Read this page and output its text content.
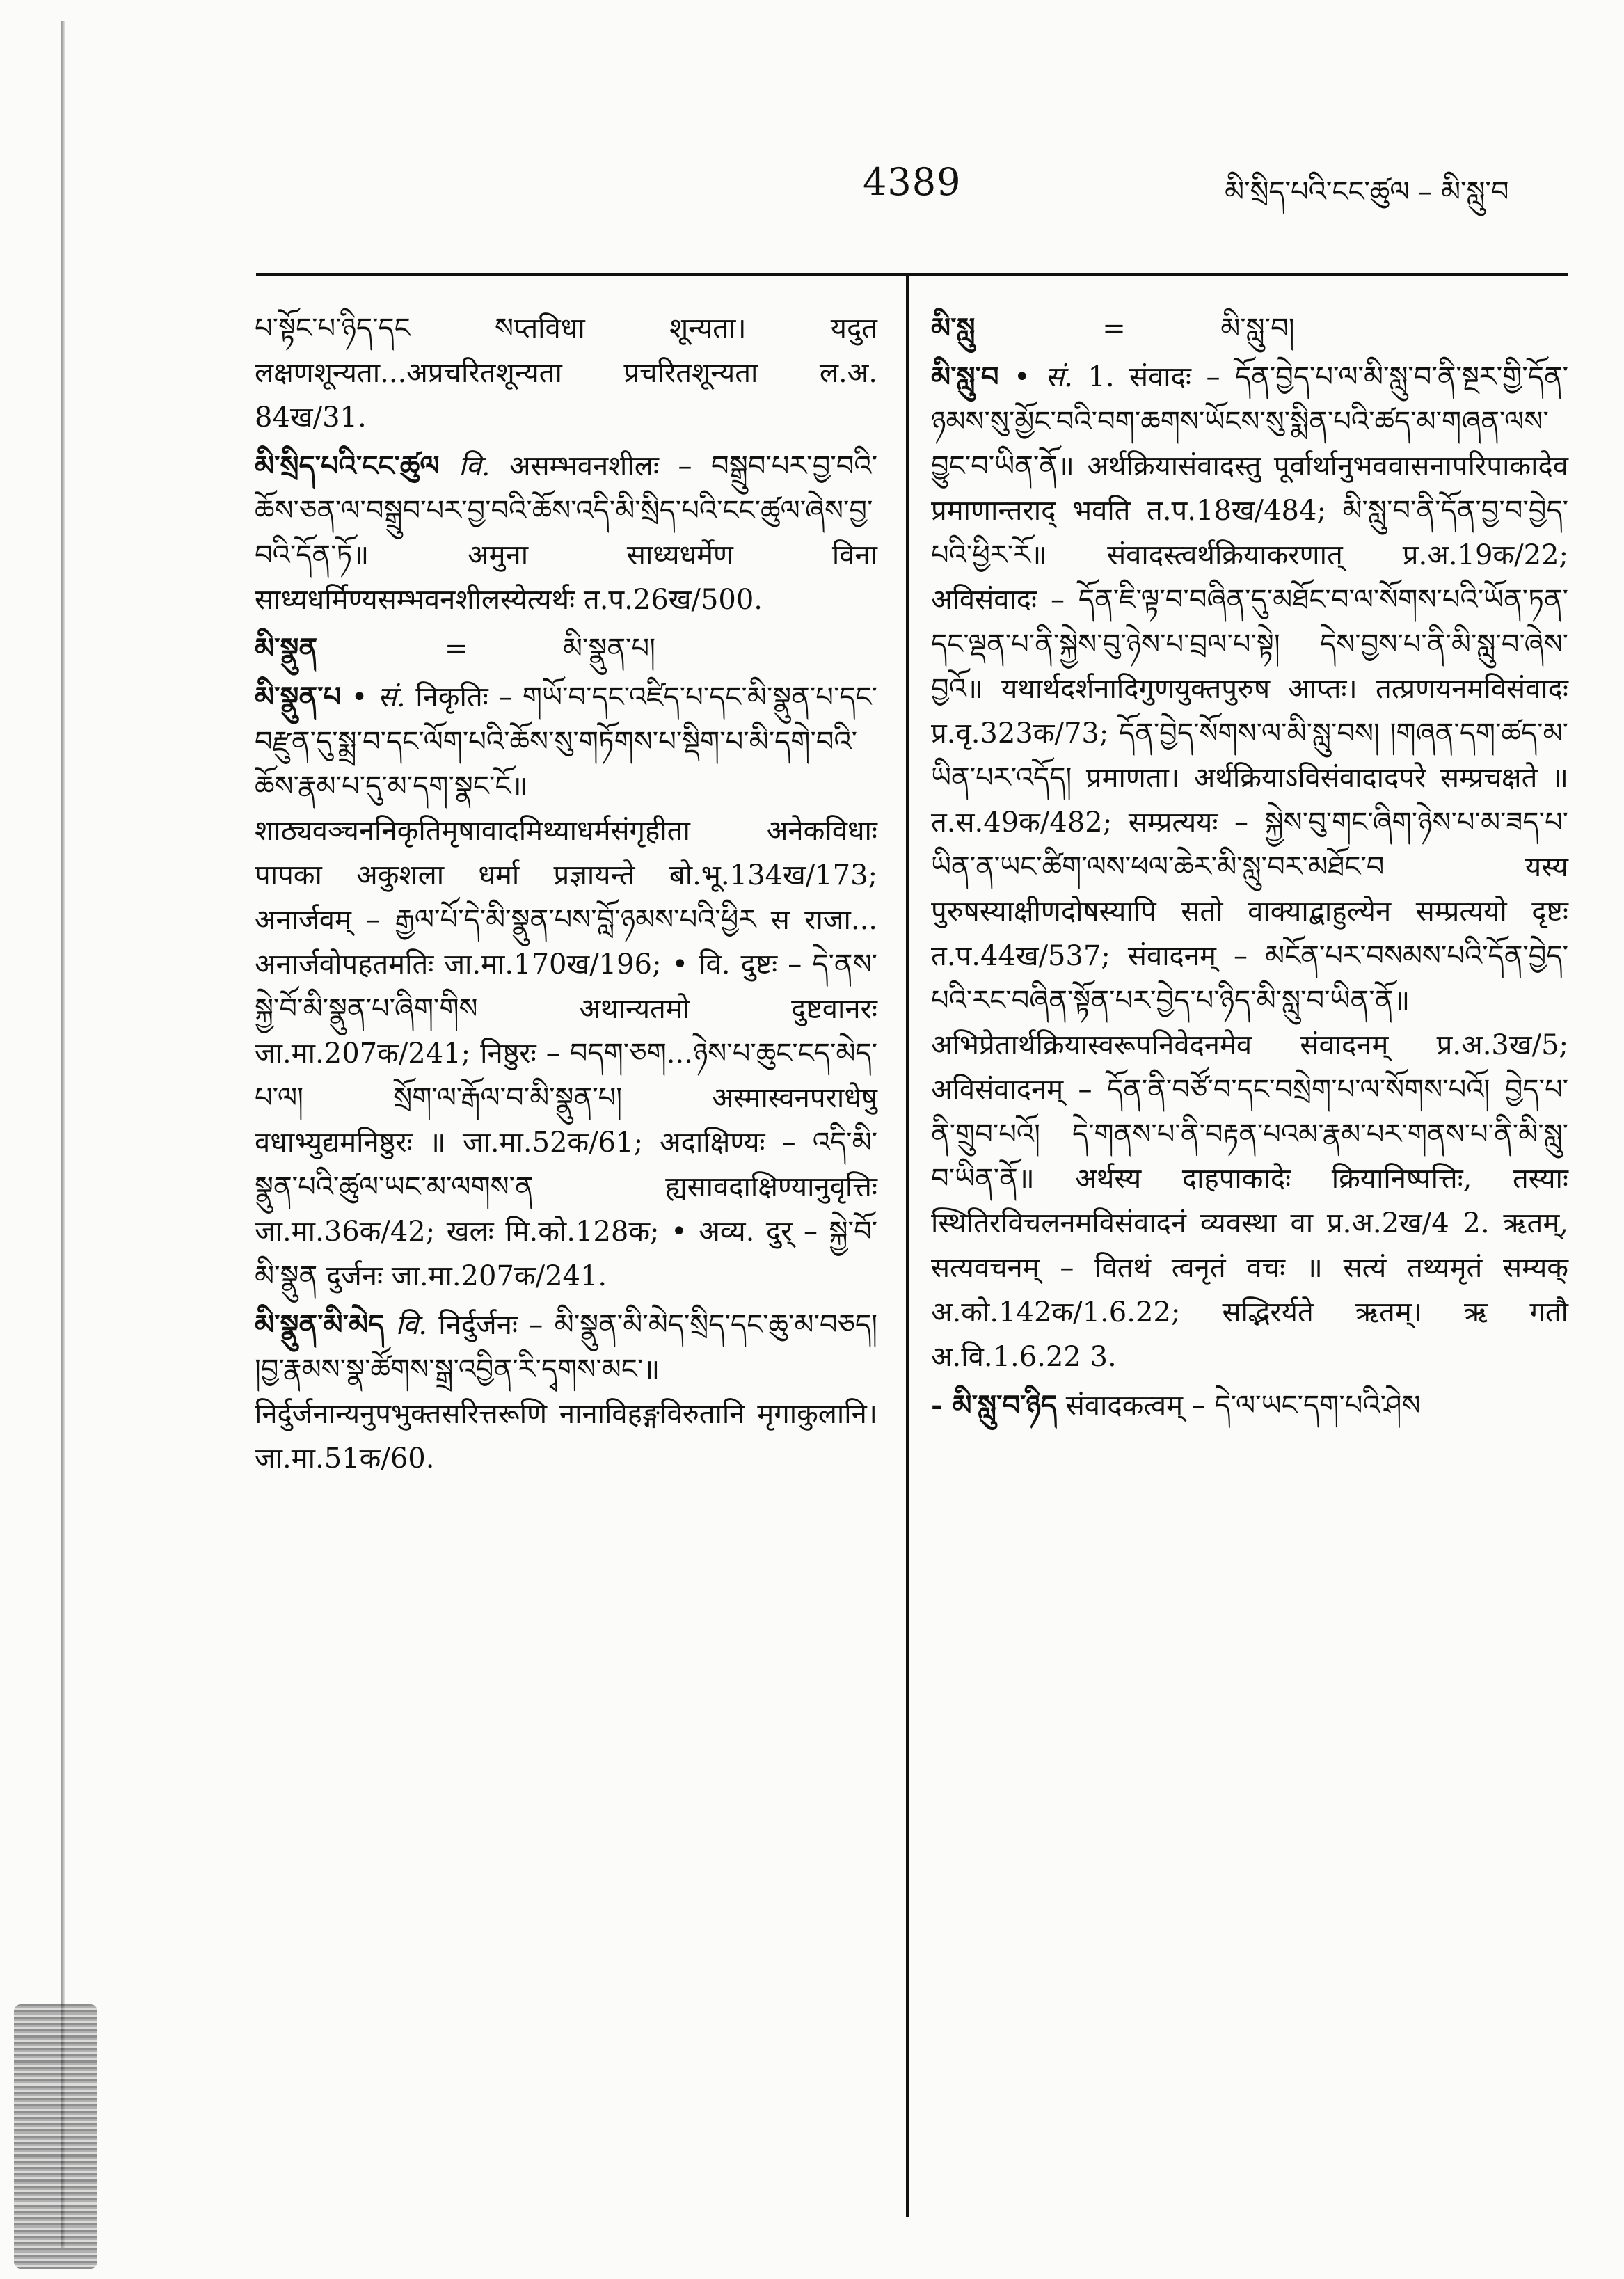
4389	མི་སྲིད་པའི་ངང་ཚུལ – མི་སླུ་བ

པ་སྟོང་པ་ཉིད་དང སप्तविधा शून्यता। यदुत लक्षणशून्यता...अप्रचरितशून्यता प्रचरितशून्यता ल.अ. 84ख/31.

མི་སྲིད་པའི་ངང་ཚུལ वि. असम्भवनशीलः – བསྒྲུབ་པར་བྱ་བའི་ཆོས་ཅན་ལ་བསྒྲུབ་པར་བྱ་བའི་ཆོས་འདི་མི་སྲིད་པའི་ངང་ཚུལ་ཞེས་བྱ་བའི་དོན་ཏོ॥ अमुना साध्यधर्मेण विना साध्यधर्मिण्यसम्भवनशीलस्येत्यर्थः त.प.26ख/500.

མི་སྣུན	=	མི་སྣུན་པ།

མི་སྣུན་པ • सं. निकृतिः – གཡོ་བ་དང་འཛིད་པ་དང་མི་སྣུན་པ་དང་བརྫུན་དུ་སྨྲ་བ་དང་ལོག་པའི་ཆོས་སུ་གཏོགས་པ་སྡིག་པ་མི་དགེ་བའི་ཆོས་རྣམ་པ་དུ་མ་དག་སྣང་ངོ॥ शाठ्यवञ्चननिकृतिमृषावादमिथ्याधर्मसंगृहीता अनेकविधाः पापका अकुशला धर्मा प्रज्ञायन्ते बो.भू.134ख/173; अनार्जवम् – རྒྱལ་པོ་དེ་མི་སྣུན་པས་བློ་ཉམས་པའི་ཕྱིར स राजा... अनार्जवोपहतमतिः जा.मा.170ख/196; • वि. दुष्टः – དེ་ནས་སྐྱེ་བོ་མི་སྣུན་པ་ཞིག་གིས अथान्यतमो दुष्टवानरः जा.मा.207क/241; निष्ठुरः – བདག་ཅག...ཉེས་པ་ཆུང་ངད་མེད་པ་ལ། སྲོག་ལ་རྒོལ་བ་མི་སྣུན་པ། अस्मास्वनपराधेषु वधाभ्युद्यमनिष्ठुरः ॥ जा.मा.52क/61; अदाक्षिण्यः – འདི་མི་སྣུན་པའི་ཚུལ་ཡང་མ་ལགས་ན ह्यसावदाक्षिण्यानुवृत्तिः जा.मा.36क/42; खलः मि.को.128क; • अव्य. दुर् – སྐྱེ་བོ་མི་སྣུན दुर्जनः जा.मा.207क/241.

མི་སྣུན་མི་མེད वि. निर्दुर्जनः – མི་སྣུན་མི་མེད་སྲིད་དང་ཆུ་མ་བཅད། །བྱ་རྣམས་སྣ་ཚོགས་སྒྲ་འབྱིན་རི་དྭགས་མང་॥ निर्दुर्जनान्यनुपभुक्तसरित्तरूणि नानाविहङ्गविरुतानि मृगाकुलानि। जा.मा.51क/60.

མི་སླུ	=	མི་སླུ་བ།

མི་སླུ་བ • सं. 1. संवादः – དོན་བྱེད་པ་ལ་མི་སླུ་བ་ནི་སྔར་གྱི་དོན་ཉམས་སུ་མྱོང་བའི་བག་ཆགས་ཡོངས་སུ་སྨིན་པའི་ཚད་མ་གཞན་ལས་བྱུང་བ་ཡིན་ནོ॥ अर्थक्रियासंवादस्तु पूर्वार्थानुभववासनापरिपाकादेव प्रमाणान्तराद् भवति त.प.18ख/484; མི་སླུ་བ་ནི་དོན་བྱ་བ་བྱེད་པའི་ཕྱིར་རོ॥ संवादस्त्वर्थक्रियाकरणात् प्र.अ.19क/22; अविसंवादः – དོན་ཇི་ལྟ་བ་བཞིན་དུ་མཐོང་བ་ལ་སོགས་པའི་ཡོན་ཏན་དང་ལྡན་པ་ནི་སྐྱེས་བུ་ཉེས་པ་བྲལ་པ་སྟེ། དེས་བྱས་པ་ནི་མི་སླུ་བ་ཞེས་བྱའོ॥ यथार्थदर्शनादिगुणयुक्तपुरुष आप्तः। तत्प्रणयनमविसंवादः प्र.वृ.323क/73; དོན་བྱེད་སོགས་ལ་མི་སླུ་བས། །གཞན་དག་ཚད་མ་ཡིན་པར་འདོད། प्रमाणता। अर्थक्रियाऽविसंवादादपरे सम्प्रचक्षते ॥ त.स.49क/482; सम्प्रत्ययः – སྐྱེས་བུ་གང་ཞིག་ཉེས་པ་མ་ཟད་པ་ཡིན་ན་ཡང་ཚིག་ལས་ཕལ་ཆེར་མི་སླུ་བར་མཐོང་བ यस्य पुरुषस्याक्षीणदोषस्यापि सतो वाक्याद्बाहुल्येन सम्प्रत्ययो दृष्टः त.प.44ख/537; संवादनम् – མངོན་པར་བསམས་པའི་དོན་བྱེད་པའི་རང་བཞིན་སྟོན་པར་བྱེད་པ་ཉིད་མི་སླུ་བ་ཡིན་ནོ॥ अभिप्रेतार्थक्रियास्वरूपनिवेदनमेव संवादनम् प्र.अ.3ख/5; अविसंवादनम् – དོན་ནི་བཙོ་བ་དང་བསྲེག་པ་ལ་སོགས་པའོ། བྱེད་པ་ནི་གྲུབ་པའོ། དེ་གནས་པ་ནི་བརྟན་པའམ་རྣམ་པར་གནས་པ་ནི་མི་སླུ་བ་ཡིན་ནོ॥ अर्थस्य दाहपाकादेः क्रियानिष्पत्तिः, तस्याः स्थितिरविचलनमविसंवादनं व्यवस्था वा प्र.अ.2ख/4 2. ऋतम्, सत्यवचनम् – वितथं त्वनृतं वचः ॥ सत्यं तथ्यमृतं सम्यक् अ.को.142क/1.6.22; सद्भिरर्यते ऋतम्। ऋ गतौ अ.वि.1.6.22 3.

- མི་སླུ་བ་ཉིད संवादकत्वम् – དེ་ལ་ཡང་དག་པའི་ཤེས
